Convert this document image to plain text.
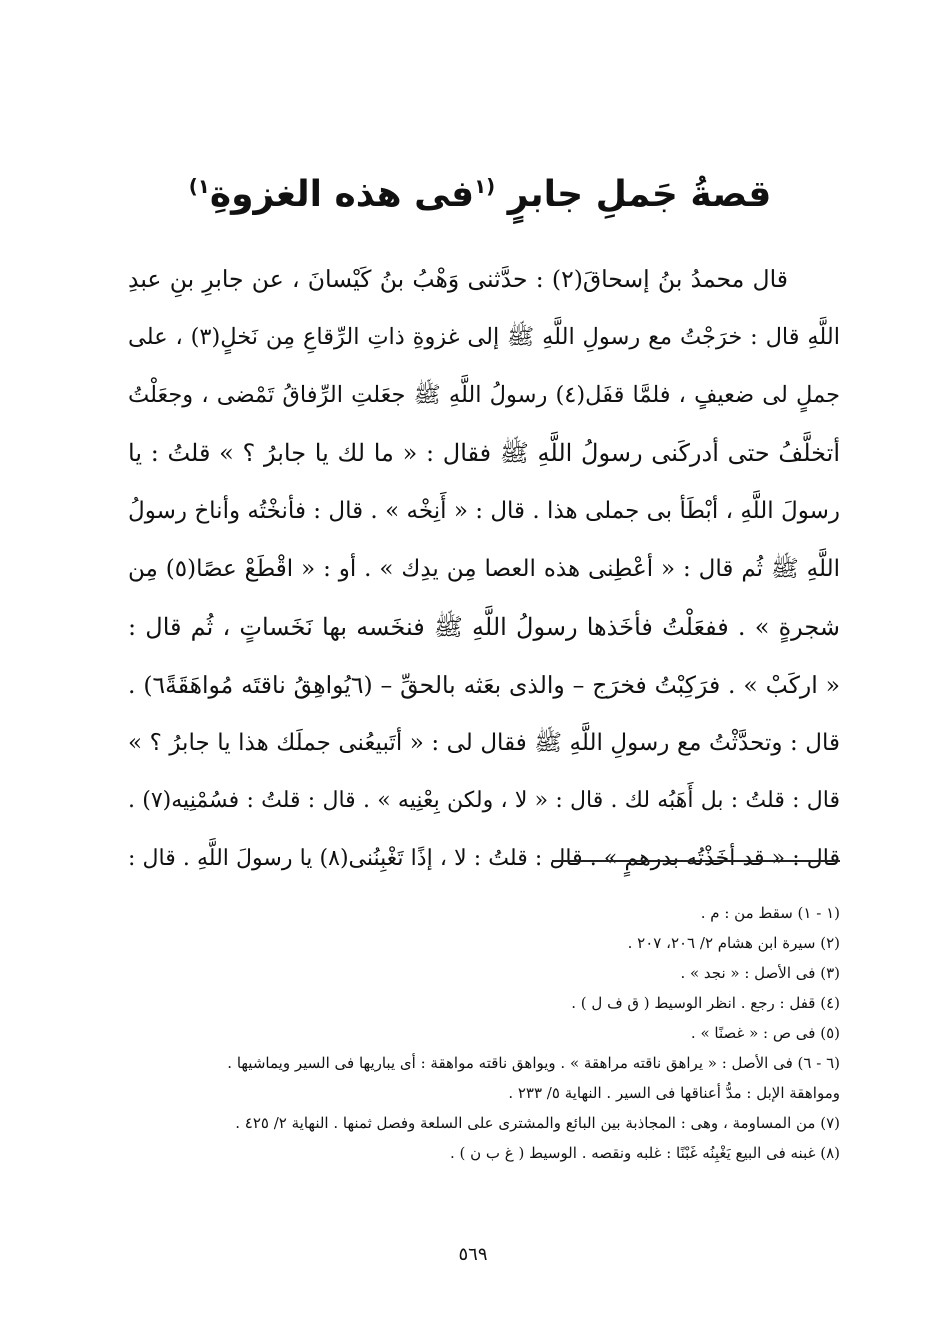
قصةُ جَملِ جابرٍ $^{(١}$فى هذه الغزوةِ$^{١)}$
قال محمدُ بنُ إسحاقَ(٢) : حدَّثنى وَهْبُ بنُ كَيْسانَ ، عن جابرِ بنِ عبدِ
اللَّهِ قال : خرَجْتُ مع رسولِ اللَّهِ ﷺ إلى غزوةِ ذاتِ الرِّقاعِ مِن نَخلٍ(٣) ، على
جملٍ لى ضعيفٍ ، فلمَّا قفَل(٤) رسولُ اللَّهِ ﷺ جعَلتِ الرِّفاقُ تَمْضى ، وجعَلْتُ
أتخلَّفُ حتى أدركَنى رسولُ اللَّهِ ﷺ فقال : « ما لك يا جابرُ ؟ » قلتُ : يا
رسولَ اللَّهِ ، أبْطَأ بى جملى هذا . قال : « أَنِخْه » . قال : فأنخْتُه وأناخ رسولُ
اللَّهِ ﷺ ثُم قال : « أعْطِنى هذه العصا مِن يدِك » . أو : « اقْطَعْ عصًا(٥) مِن
شجرةٍ » . ففعَلْتُ فأخَذها رسولُ اللَّهِ ﷺ فنخَسه بها نَخَساتٍ ، ثُم قال :
« اركَبْ » . فرَكِبْتُ فخرَج – والذى بعَثه بالحقِّ – (٦يُواهِقُ ناقتَه مُواهَقَةً٦) .
قال : وتحدَّثْتُ مع رسولِ اللَّهِ ﷺ فقال لى : « أتَبيعُنى جملَك هذا يا جابرُ ؟ »
قال : قلتُ : بل أَهَبُه لك . قال : « لا ، ولكن بِعْنِيه » . قال : قلتُ : فسُمْنِيه(٧) .
قال : « قد أخَذْتُه بدرهمٍ » . قال : قلتُ : لا ، إذًا تَغْبِنُنى(٨) يا رسولَ اللَّهِ . قال :
(١ - ١) سقط من : م .
(٢) سيرة ابن هشام ٢/ ٢٠٦، ٢٠٧ .
(٣) فى الأصل : « نجد » .
(٤) قفل : رجع . انظر الوسيط ( ق ف ل ) .
(٥) فى ص : « غصنًا » .
(٦ - ٦) فى الأصل : « يراهق ناقته مراهقة » . ويواهق ناقته مواهقة : أى يباريها فى السير ويماشيها .
ومواهقة الإبل : مدُّ أعناقها فى السير . النهاية ٥/ ٢٣٣ .
(٧) من المساومة ، وهى : المجاذبة بين البائع والمشترى على السلعة وفصل ثمنها . النهاية ٢/ ٤٢٥ .
(٨) غبنه فى البيع يَغْبِنُه غَبْنًا : غلبه ونقصه . الوسيط ( غ ب ن ) .
٥٦٩
